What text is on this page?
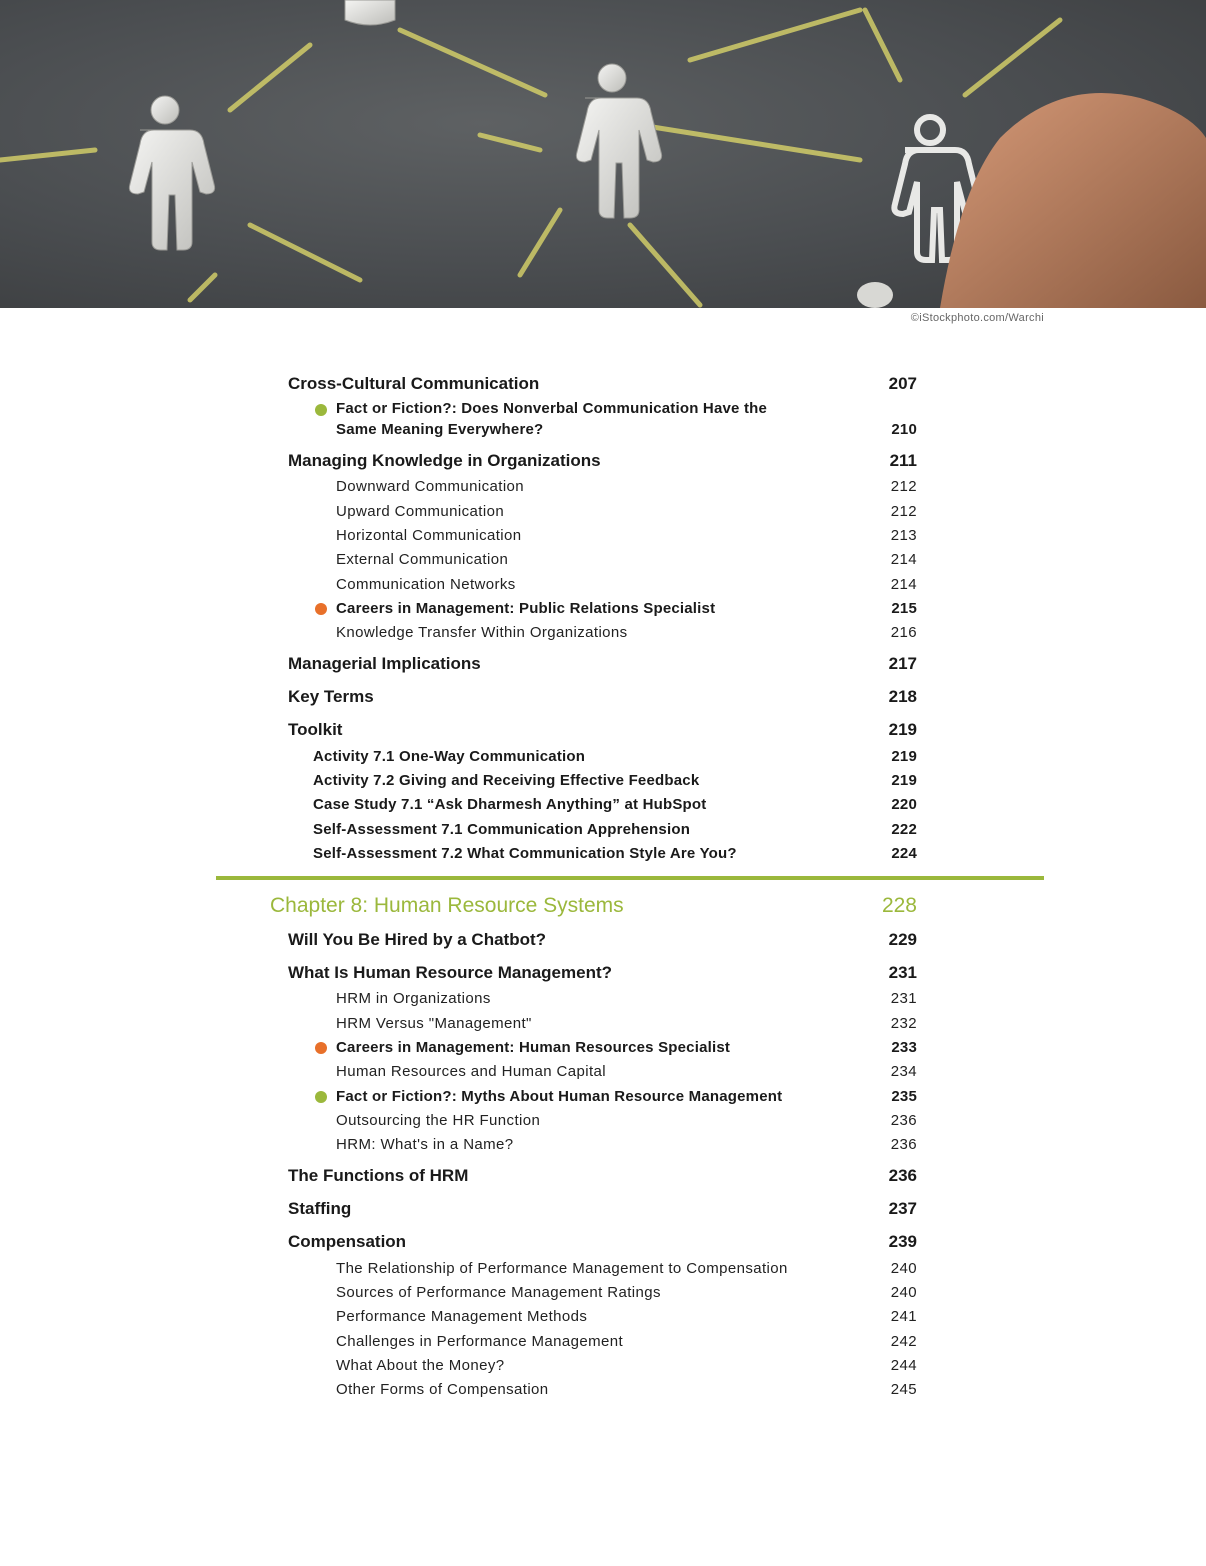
©iStockphoto.com/Warchi
Cross-Cultural Communication	207
Fact or Fiction?: Does Nonverbal Communication Have the
Same Meaning Everywhere?	210
Managing Knowledge in Organizations	211
Downward Communication	212
Upward Communication	212
Horizontal Communication	213
External Communication	214
Communication Networks	214
Careers in Management: Public Relations Specialist	215
Knowledge Transfer Within Organizations	216
Managerial Implications	217
Key Terms	218
Toolkit	219
Activity 7.1 One-Way Communication	219
Activity 7.2 Giving and Receiving Effective Feedback	219
Case Study 7.1 “Ask Dharmesh Anything” at HubSpot	220
Self-Assessment 7.1 Communication Apprehension	222
Self-Assessment 7.2 What Communication Style Are You?	224
Chapter 8: Human Resource Systems	228
Will You Be Hired by a Chatbot?	229
What Is Human Resource Management?	231
HRM in Organizations	231
HRM Versus "Management"	232
Careers in Management: Human Resources Specialist	233
Human Resources and Human Capital	234
Fact or Fiction?: Myths About Human Resource Management	235
Outsourcing the HR Function	236
HRM: What's in a Name?	236
The Functions of HRM	236
Staffing	237
Compensation	239
The Relationship of Performance Management to Compensation	240
Sources of Performance Management Ratings	240
Performance Management Methods	241
Challenges in Performance Management	242
What About the Money?	244
Other Forms of Compensation	245
